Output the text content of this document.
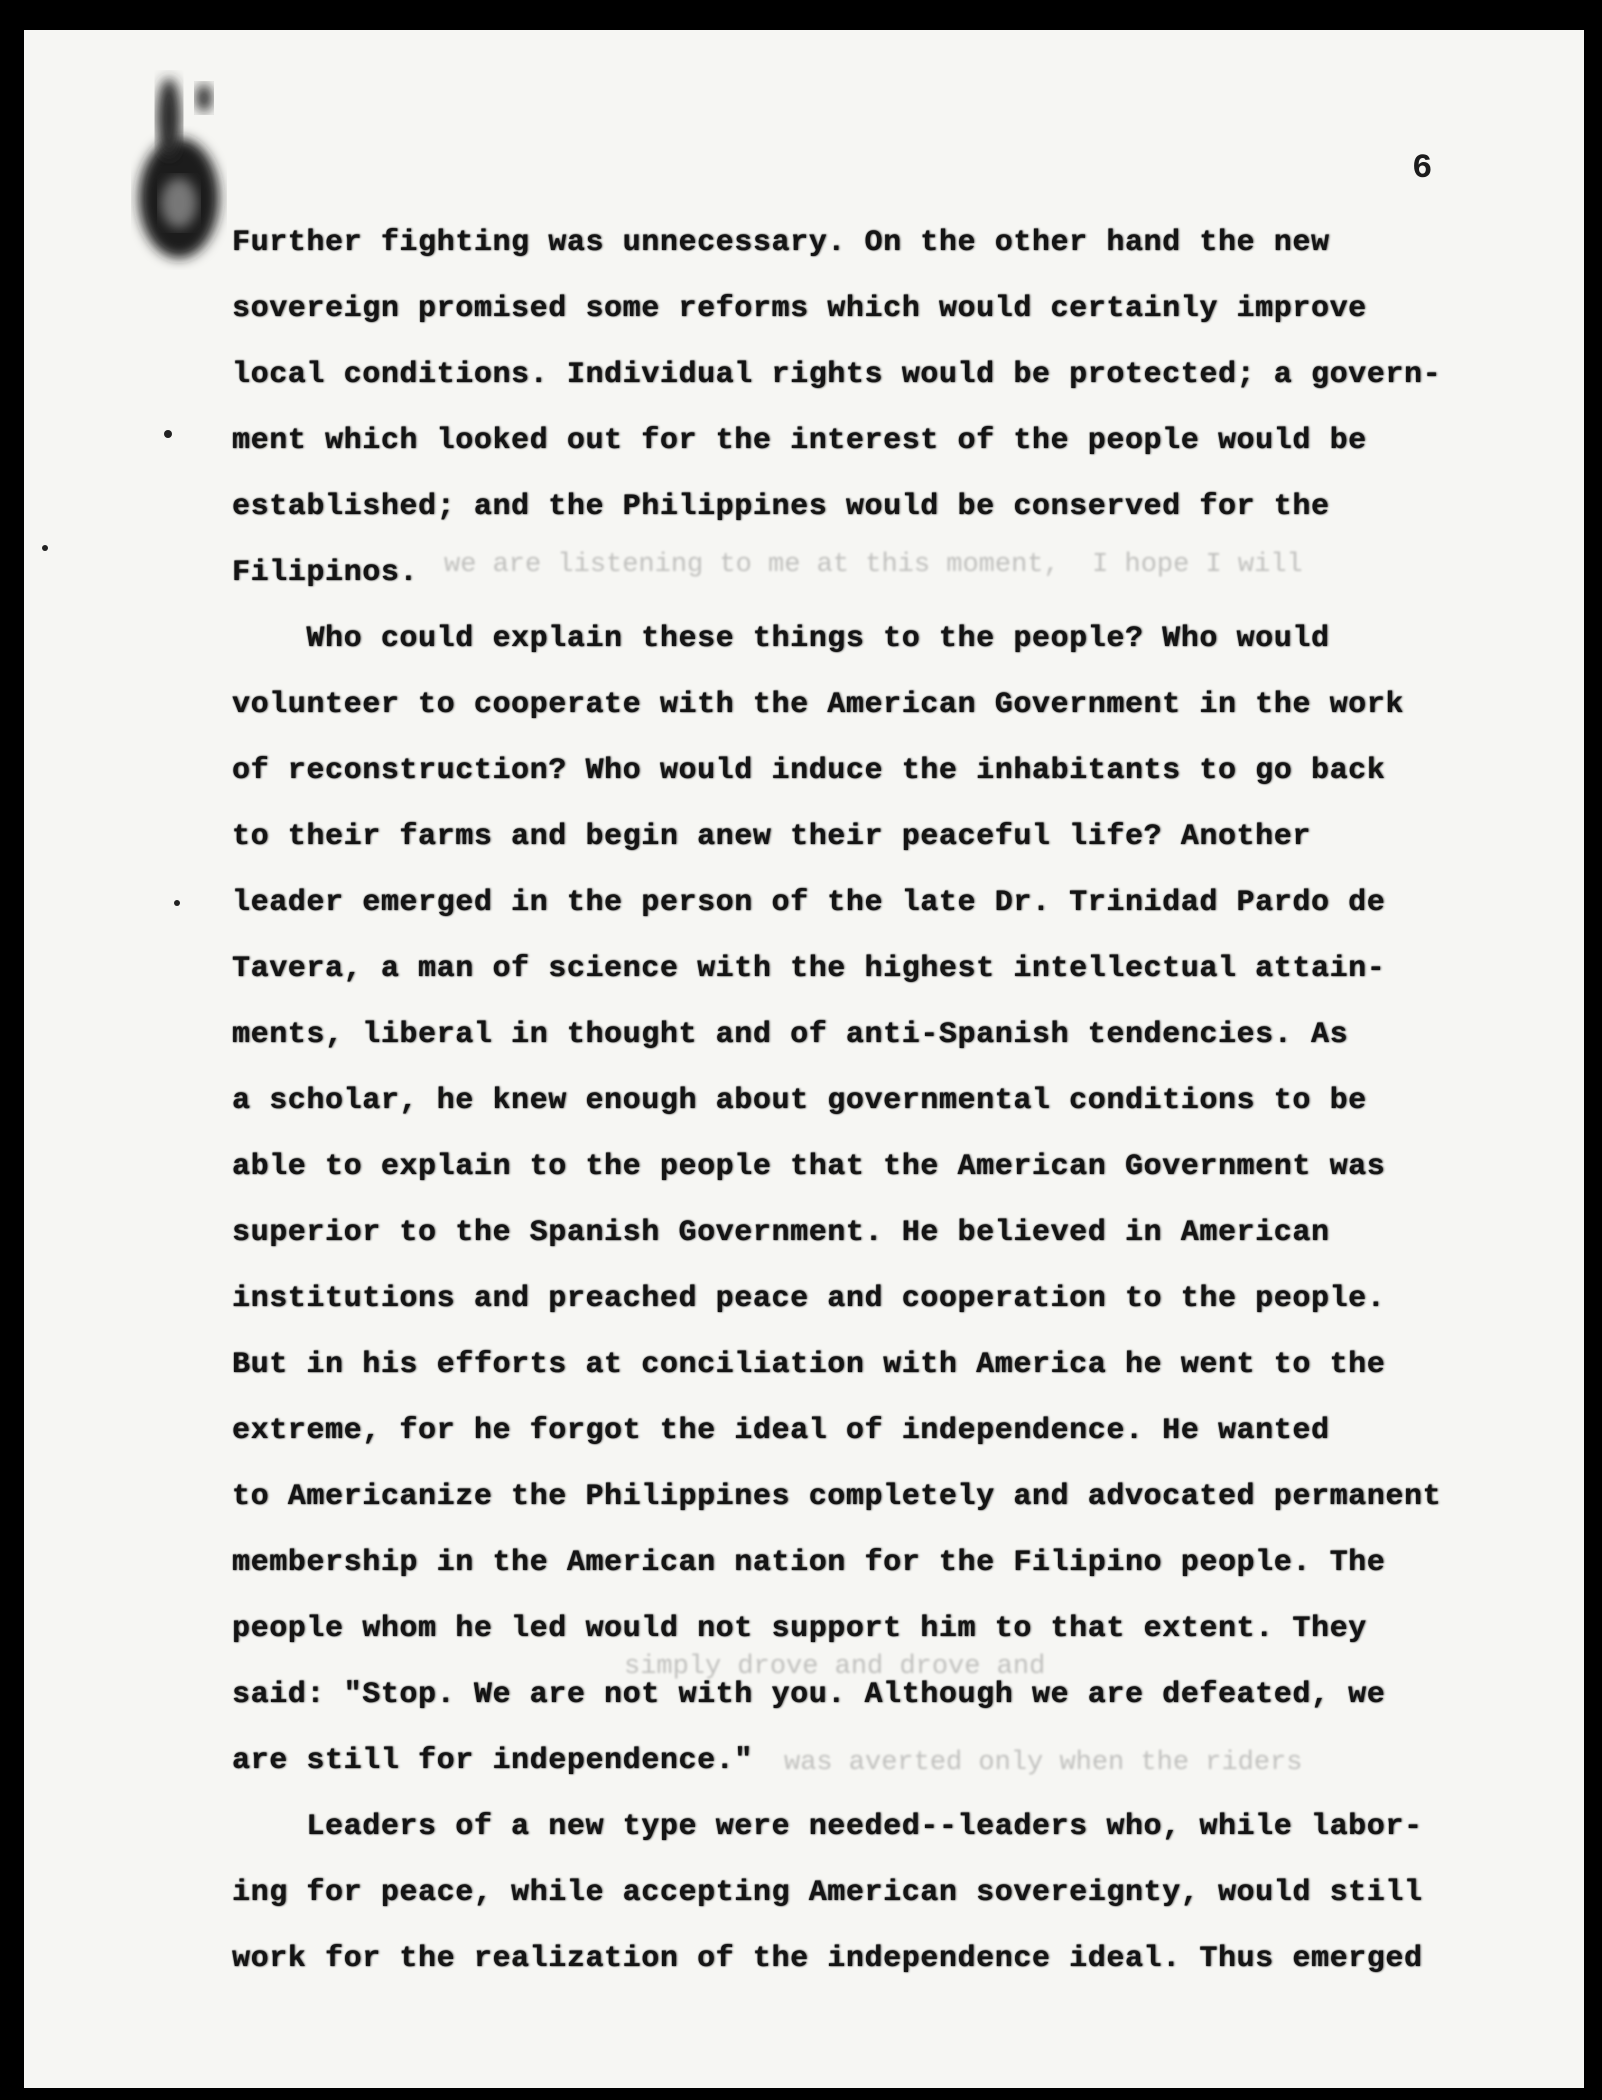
we are listening to me at this moment,  I hope I will
simply drove and drove and
was averted only when the riders
6
Further fighting was unnecessary. On the other hand the new
sovereign promised some reforms which would certainly improve
local conditions. Individual rights would be protected; a govern-
ment which looked out for the interest of the people would be
established; and the Philippines would be conserved for the
Filipinos.
Who could explain these things to the people? Who would
volunteer to cooperate with the American Government in the work
of reconstruction? Who would induce the inhabitants to go back
to their farms and begin anew their peaceful life? Another
leader emerged in the person of the late Dr. Trinidad Pardo de
Tavera, a man of science with the highest intellectual attain-
ments, liberal in thought and of anti-Spanish tendencies. As
a scholar, he knew enough about governmental conditions to be
able to explain to the people that the American Government was
superior to the Spanish Government. He believed in American
institutions and preached peace and cooperation to the people.
But in his efforts at conciliation with America he went to the
extreme, for he forgot the ideal of independence. He wanted
to Americanize the Philippines completely and advocated permanent
membership in the American nation for the Filipino people. The
people whom he led would not support him to that extent. They
said: "Stop. We are not with you. Although we are defeated, we
are still for independence."
Leaders of a new type were needed--leaders who, while labor-
ing for peace, while accepting American sovereignty, would still
work for the realization of the independence ideal. Thus emerged
